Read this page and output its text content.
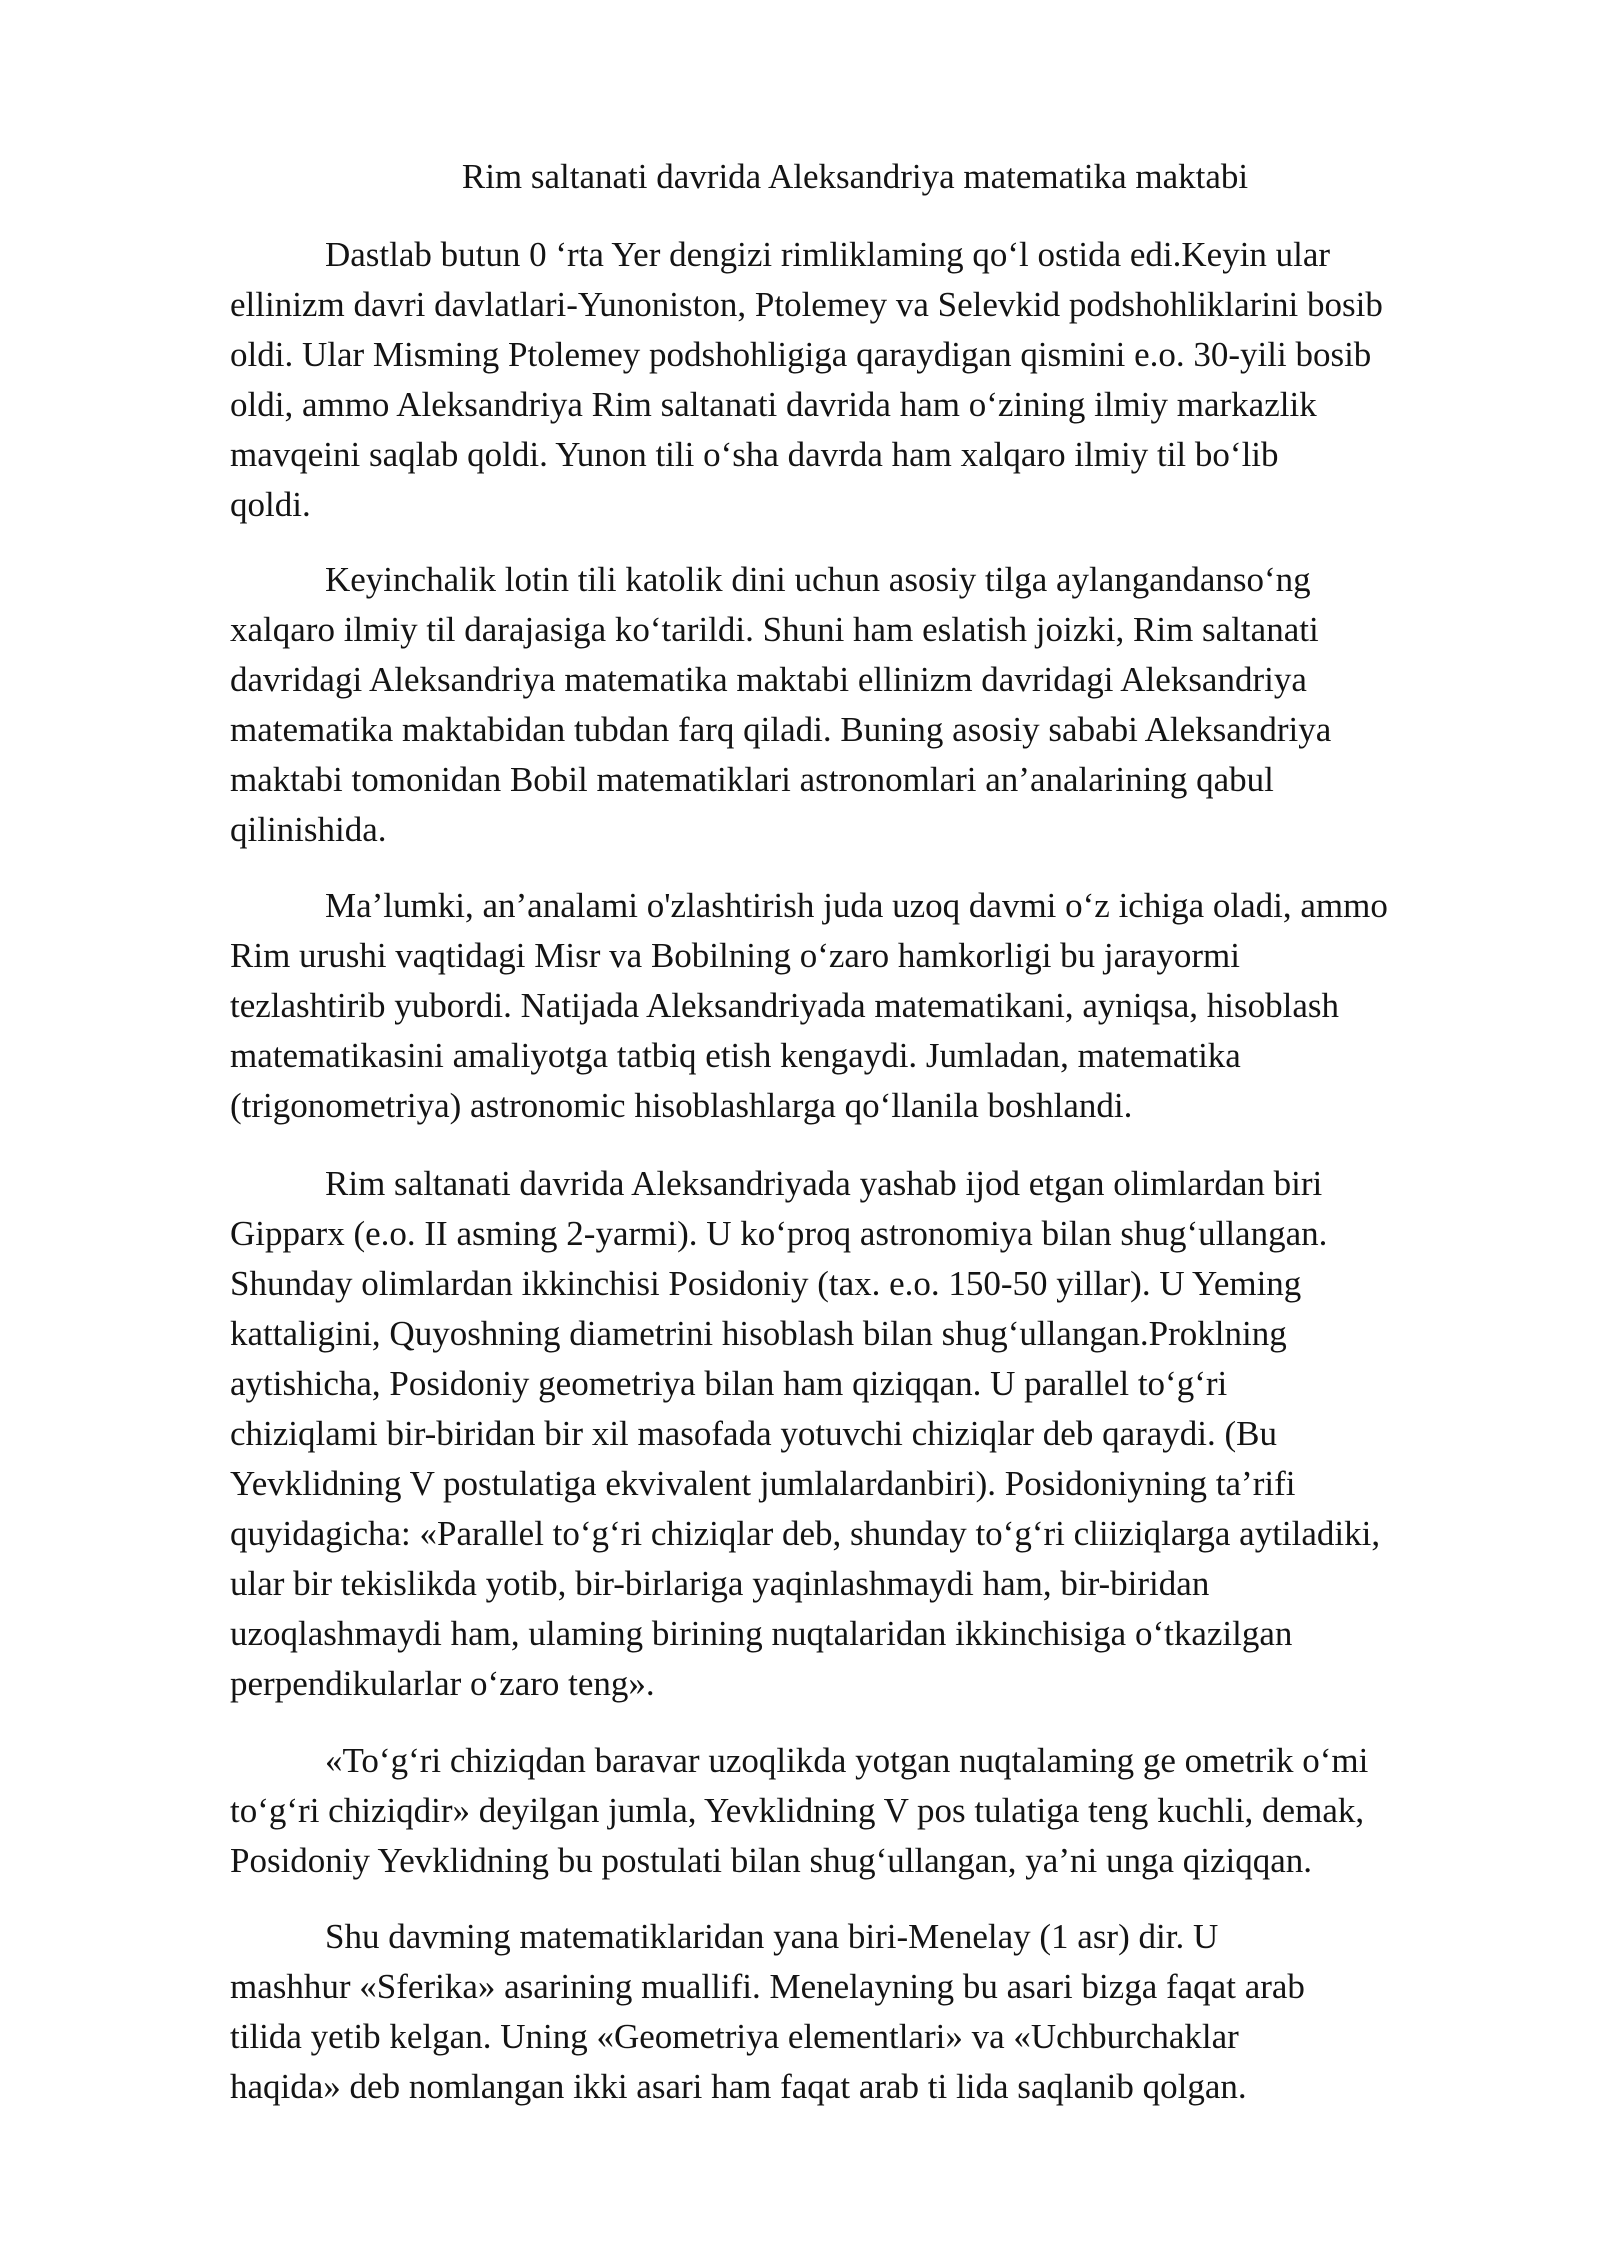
Rim saltanati davrida Aleksandriya matematika maktabi

Dastlab butun 0 ‘rta Yer dengizi rimliklaming qo‘l ostida edi.Keyin ular
ellinizm davri davlatlari-Yunoniston, Ptolemey va Selevkid podshohliklarini bosib
oldi. Ular Misming Ptolemey podshohligiga qaraydigan qismini e.o. 30-yili bosib
oldi, ammo Aleksandriya Rim saltanati davrida ham o‘zining ilmiy markazlik
mavqeini saqlab qoldi. Yunon tili o‘sha davrda ham xalqaro ilmiy til bo‘lib
qoldi.

Keyinchalik lotin tili katolik dini uchun asosiy tilga aylangandanso‘ng
xalqaro ilmiy til darajasiga ko‘tarildi. Shuni ham eslatish joizki, Rim saltanati
davridagi Aleksandriya matematika maktabi ellinizm davridagi Aleksandriya
matematika maktabidan tubdan farq qiladi. Buning asosiy sababi Aleksandriya
maktabi tomonidan Bobil matematiklari astronomlari an’analarining qabul
qilinishida.

Ma’lumki, an’analami o'zlashtirish juda uzoq davmi o‘z ichiga oladi, ammo
Rim urushi vaqtidagi Misr va Bobilning o‘zaro hamkorligi bu jarayormi
tezlashtirib yubordi. Natijada Aleksandriyada matematikani, ayniqsa, hisoblash
matematikasini amaliyotga tatbiq etish kengaydi. Jumladan, matematika
(trigonometriya) astronomic hisoblashlarga qo‘llanila boshlandi.

Rim saltanati davrida Aleksandriyada yashab ijod etgan olimlardan biri
Gipparx (e.o. II asming 2-yarmi). U ko‘proq astronomiya bilan shug‘ullangan.
Shunday olimlardan ikkinchisi Posidoniy (tax. e.o. 150-50 yillar). U Yeming
kattaligini, Quyoshning diametrini hisoblash bilan shug‘ullangan.Proklning
aytishicha, Posidoniy geometriya bilan ham qiziqqan. U parallel to‘g‘ri
chiziqlami bir-biridan bir xil masofada yotuvchi chiziqlar deb qaraydi. (Bu
Yevklidning V postulatiga ekvivalent jumlalardanbiri). Posidoniyning ta’rifi
quyidagicha: «Parallel to‘g‘ri chiziqlar deb, shunday to‘g‘ri cliiziqlarga aytiladiki,
ular bir tekislikda yotib, bir-birlariga yaqinlashmaydi ham, bir-biridan
uzoqlashmaydi ham, ulaming birining nuqtalaridan ikkinchisiga o‘tkazilgan
perpendikularlar o‘zaro teng».

«To‘g‘ri chiziqdan baravar uzoqlikda yotgan nuqtalaming ge ometrik o‘mi
to‘g‘ri chiziqdir» deyilgan jumla, Yevklidning V pos tulatiga teng kuchli, demak,
Posidoniy Yevklidning bu postulati bilan shug‘ullangan, ya’ni unga qiziqqan.

Shu davming matematiklaridan yana biri-Menelay (1 asr) dir. U
mashhur «Sferika» asarining muallifi. Menelayning bu asari bizga faqat arab
tilida yetib kelgan. Uning «Geometriya elementlari» va «Uchburchaklar
haqida» deb nomlangan ikki asari ham faqat arab ti lida saqlanib qolgan.
